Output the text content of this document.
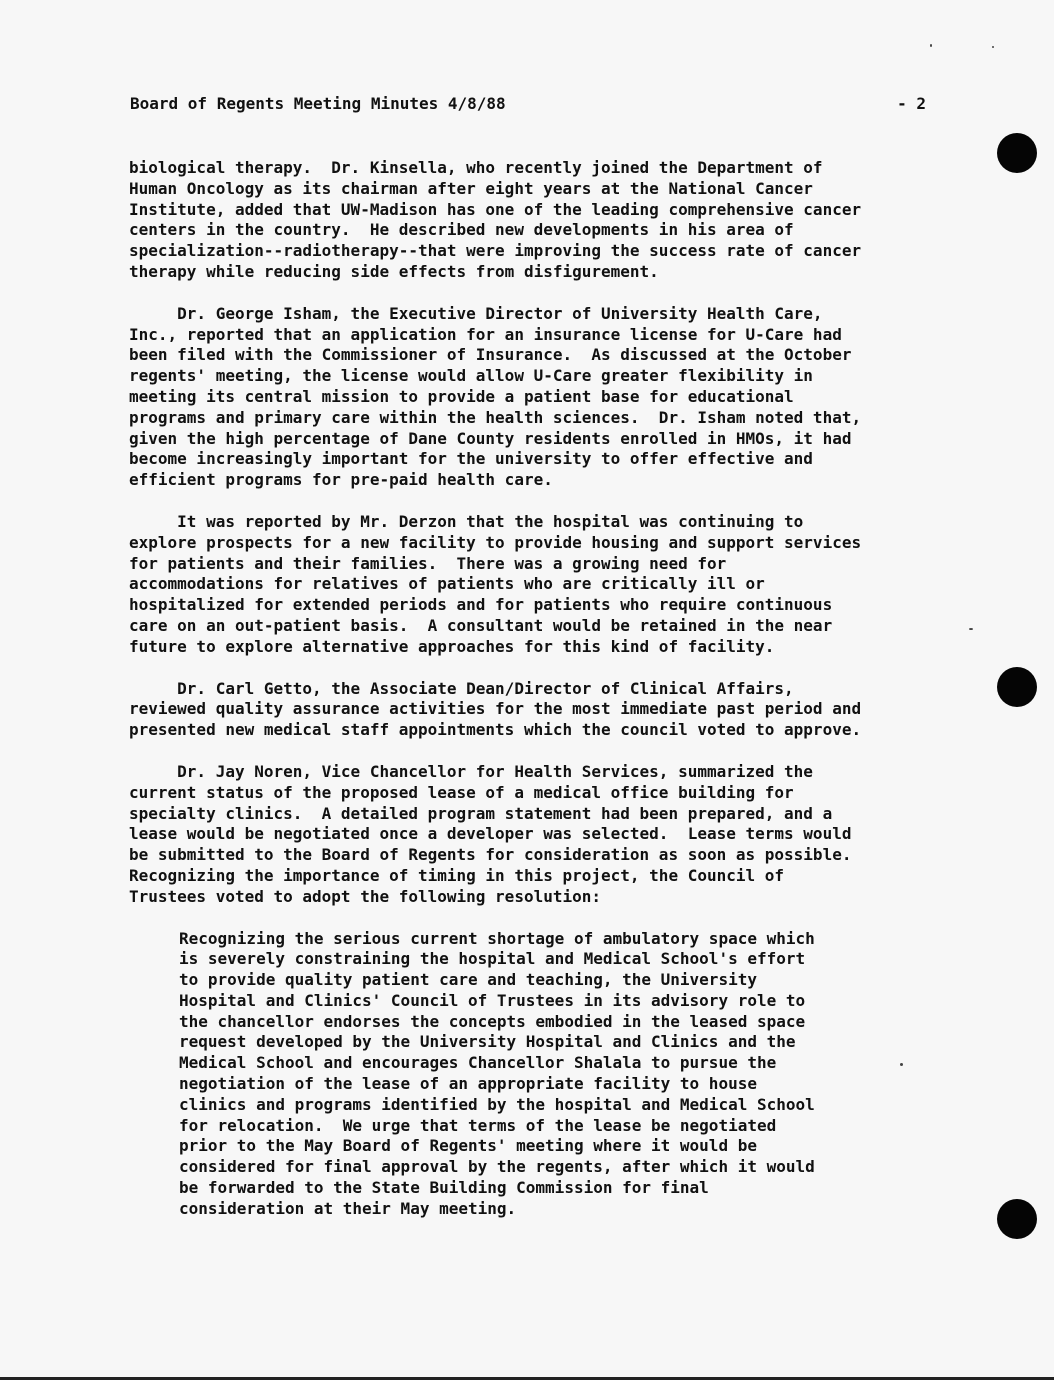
Board of Regents Meeting Minutes 4/8/88	- 2

biological therapy.  Dr. Kinsella, who recently joined the Department of
Human Oncology as its chairman after eight years at the National Cancer
Institute, added that UW-Madison has one of the leading comprehensive cancer
centers in the country.  He described new developments in his area of
specialization--radiotherapy--that were improving the success rate of cancer
therapy while reducing side effects from disfigurement.

Dr. George Isham, the Executive Director of University Health Care,
Inc., reported that an application for an insurance license for U-Care had
been filed with the Commissioner of Insurance.  As discussed at the October
regents' meeting, the license would allow U-Care greater flexibility in
meeting its central mission to provide a patient base for educational
programs and primary care within the health sciences.  Dr. Isham noted that,
given the high percentage of Dane County residents enrolled in HMOs, it had
become increasingly important for the university to offer effective and
efficient programs for pre-paid health care.

It was reported by Mr. Derzon that the hospital was continuing to
explore prospects for a new facility to provide housing and support services
for patients and their families.  There was a growing need for
accommodations for relatives of patients who are critically ill or
hospitalized for extended periods and for patients who require continuous
care on an out-patient basis.  A consultant would be retained in the near
future to explore alternative approaches for this kind of facility.

Dr. Carl Getto, the Associate Dean/Director of Clinical Affairs,
reviewed quality assurance activities for the most immediate past period and
presented new medical staff appointments which the council voted to approve.

Dr. Jay Noren, Vice Chancellor for Health Services, summarized the
current status of the proposed lease of a medical office building for
specialty clinics.  A detailed program statement had been prepared, and a
lease would be negotiated once a developer was selected.  Lease terms would
be submitted to the Board of Regents for consideration as soon as possible.
Recognizing the importance of timing in this project, the Council of
Trustees voted to adopt the following resolution:

Recognizing the serious current shortage of ambulatory space which
is severely constraining the hospital and Medical School's effort
to provide quality patient care and teaching, the University
Hospital and Clinics' Council of Trustees in its advisory role to
the chancellor endorses the concepts embodied in the leased space
request developed by the University Hospital and Clinics and the
Medical School and encourages Chancellor Shalala to pursue the
negotiation of the lease of an appropriate facility to house
clinics and programs identified by the hospital and Medical School
for relocation.  We urge that terms of the lease be negotiated
prior to the May Board of Regents' meeting where it would be
considered for final approval by the regents, after which it would
be forwarded to the State Building Commission for final
consideration at their May meeting.
